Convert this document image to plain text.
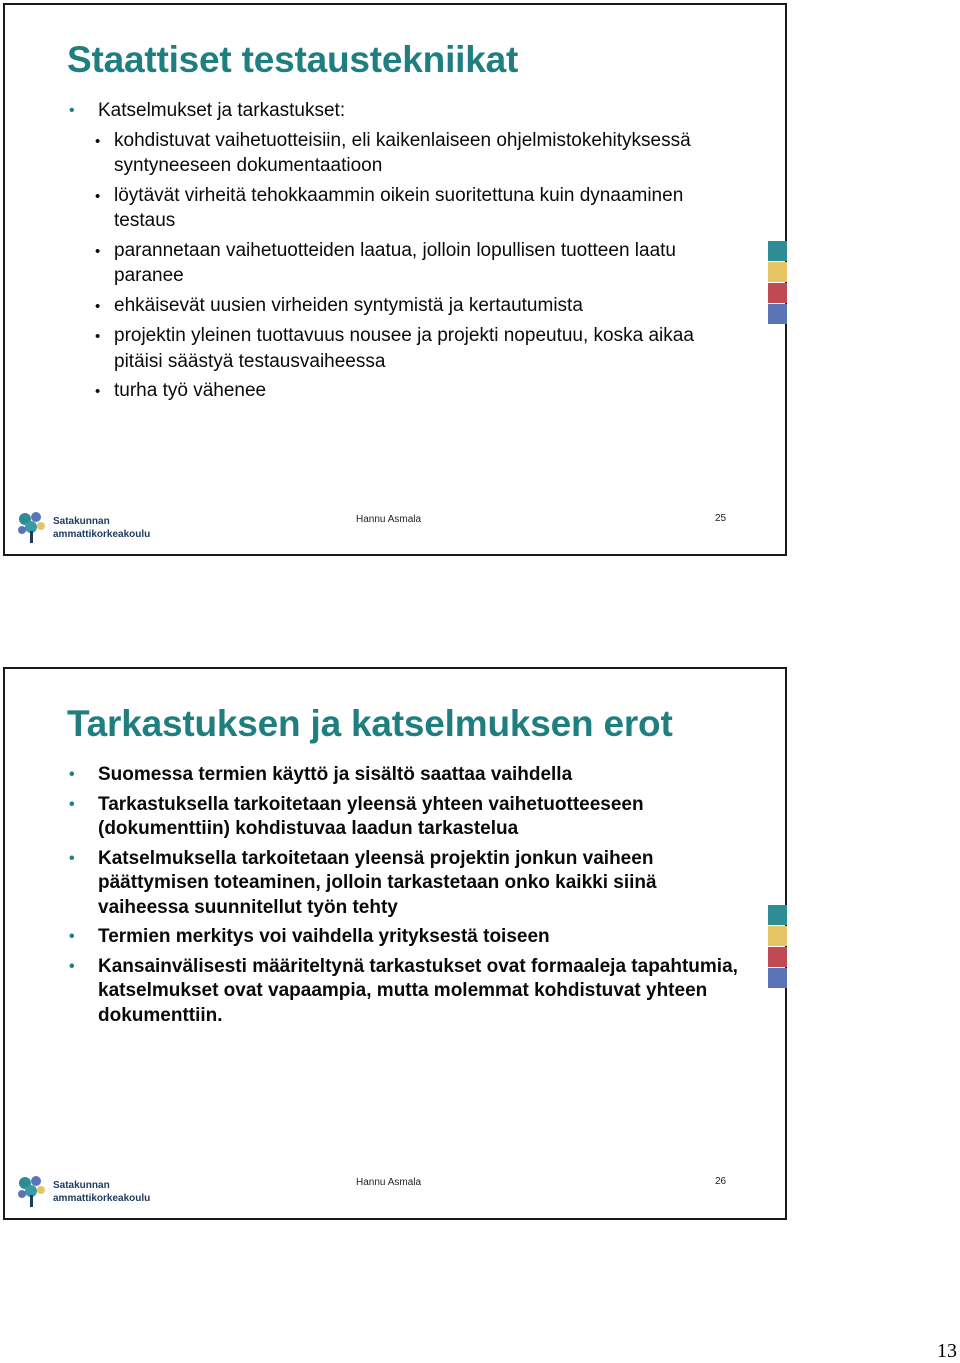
Staattiset testaustekniikat
• Katselmukset ja tarkastukset:
• kohdistuvat vaihetuotteisiin, eli kaikenlaiseen ohjelmistokehityksessä syntyneeseen dokumentaatioon
• löytävät virheitä tehokkaammin oikein suoritettuna kuin dynaaminen testaus
• parannetaan vaihetuotteiden laatua, jolloin lopullisen tuotteen laatu paranee
• ehkäisevät uusien virheiden syntymistä ja kertautumista
• projektin yleinen tuottavuus nousee ja projekti nopeutuu, koska aikaa pitäisi säästyä testausvaiheessa
• turha työ vähenee
Satakunnan
ammattikorkeakoulu
Hannu Asmala	25
Tarkastuksen ja katselmuksen erot
• Suomessa termien käyttö ja sisältö saattaa vaihdella
• Tarkastuksella tarkoitetaan yleensä yhteen vaihetuotteeseen (dokumenttiin) kohdistuvaa laadun tarkastelua
• Katselmuksella tarkoitetaan yleensä projektin jonkun vaiheen päättymisen toteaminen, jolloin tarkastetaan onko kaikki siinä vaiheessa suunnitellut työn tehty
• Termien merkitys voi vaihdella yrityksestä toiseen
• Kansainvälisesti määriteltynä tarkastukset ovat formaaleja tapahtumia, katselmukset ovat vapaampia, mutta molemmat kohdistuvat yhteen dokumenttiin.
Satakunnan
ammattikorkeakoulu
Hannu Asmala	26
13
